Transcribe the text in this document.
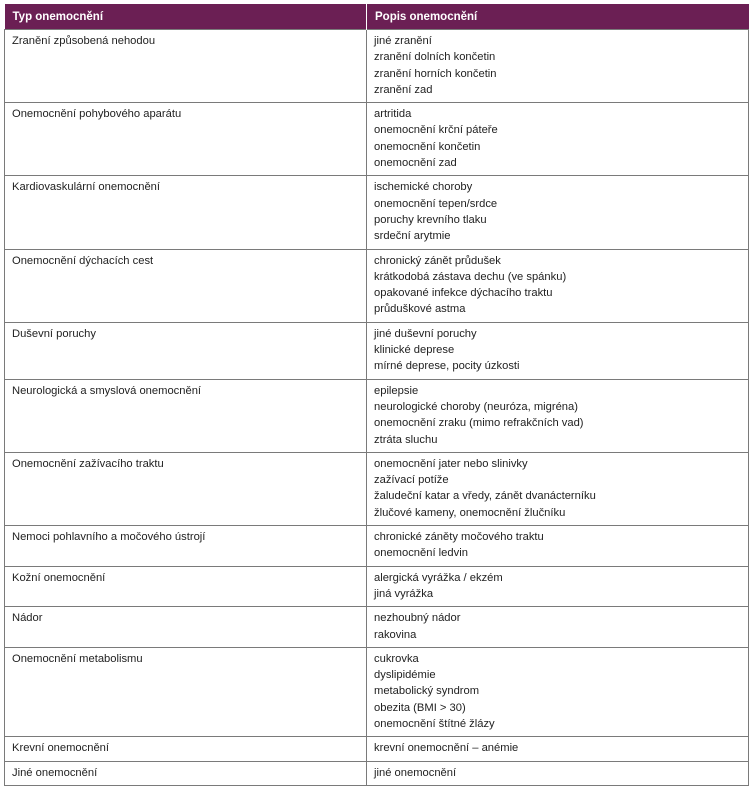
Typ onemocnění	Popis onemocnění
Zranění způsobená nehodou	jiné zranění
zranění dolních končetin
zranění horních končetin
zranění zad

Onemocnění pohybového aparátu	artritida
onemocnění krční páteře
onemocnění končetin
onemocnění zad

Kardiovaskulární onemocnění	ischemické choroby
onemocnění tepen/srdce
poruchy krevního tlaku
srdeční arytmie

Onemocnění dýchacích cest	chronický zánět průdušek
krátkodobá zástava dechu (ve spánku)
opakované infekce dýchacího traktu
průduškové astma

Duševní poruchy	jiné duševní poruchy
klinické deprese
mírné deprese, pocity úzkosti

Neurologická a smyslová onemocnění	epilepsie
neurologické choroby (neuróza, migréna)
onemocnění zraku (mimo refrakčních vad)
ztráta sluchu

Onemocnění zažívacího traktu	onemocnění jater nebo slinivky
zažívací potíže
žaludeční katar a vředy, zánět dvanácterníku
žlučové kameny, onemocnění žlučníku

Nemoci pohlavního a močového ústrojí	chronické záněty močového traktu
onemocnění ledvin

Kožní onemocnění	alergická vyrážka / ekzém
jiná vyrážka

Nádor	nezhoubný nádor
rakovina

Onemocnění metabolismu	cukrovka
dyslipidémie
metabolický syndrom
obezita (BMI > 30)
onemocnění štítné žlázy

Krevní onemocnění	krevní onemocnění – anémie

Jiné onemocnění	jiné onemocnění
